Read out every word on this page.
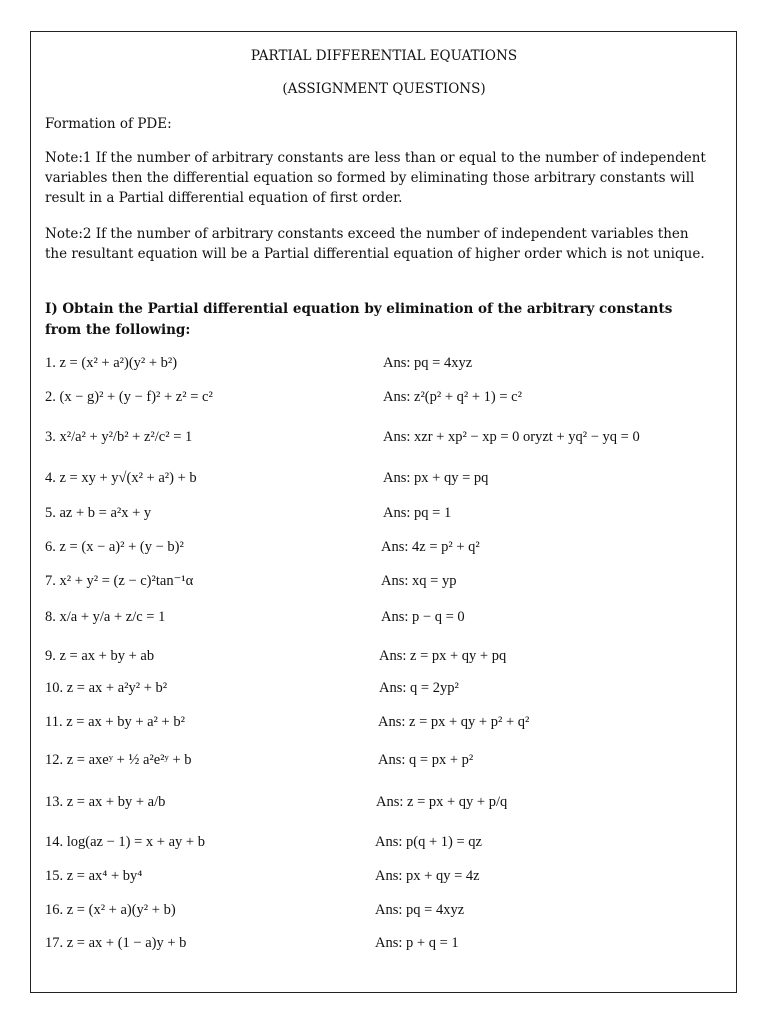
PARTIAL DIFFERENTIAL EQUATIONS
(ASSIGNMENT QUESTIONS)

Formation of PDE:

Note:1 If the number of arbitrary constants are less than or equal to the number of independent variables then the differential equation so formed by eliminating those arbitrary constants will result in a Partial differential equation of first order.

Note:2 If the number of arbitrary constants exceed the number of independent variables then the resultant equation will be a Partial differential equation of higher order which is not unique.

I) Obtain the Partial differential equation by elimination of the arbitrary constants from the following:

1. z = (x² + a²)(y² + b²)	Ans: pq = 4xyz
2. (x − g)² + (y − f)² + z² = c²	Ans: z²(p² + q² + 1) = c²
3. x²/a² + y²/b² + z²/c² = 1	Ans: xzr + xp² − xp = 0 oryzt + yq² − yq = 0
4. z = xy + y√(x² + a²) + b	Ans: px + qy = pq
5. az + b = a²x + y	Ans: pq = 1
6. z = (x − a)² + (y − b)²	Ans: 4z = p² + q²
7. x² + y² = (z − c)²tan⁻¹α	Ans: xq = yp
8. x/a + y/a + z/c = 1	Ans: p − q = 0
9. z = ax + by + ab	Ans: z = px + qy + pq
10. z = ax + a²y² + b²	Ans: q = 2yp²
11. z = ax + by + a² + b²	Ans: z = px + qy + p² + q²
12. z = axeʸ + ½ a²e²ʸ + b	Ans: q = px + p²
13. z = ax + by + a/b	Ans: z = px + qy + p/q
14. log(az − 1) = x + ay + b	Ans: p(q + 1) = qz
15. z = ax⁴ + by⁴	Ans: px + qy = 4z
16. z = (x² + a)(y² + b)	Ans: pq = 4xyz
17. z = ax + (1 − a)y + b	Ans: p + q = 1
